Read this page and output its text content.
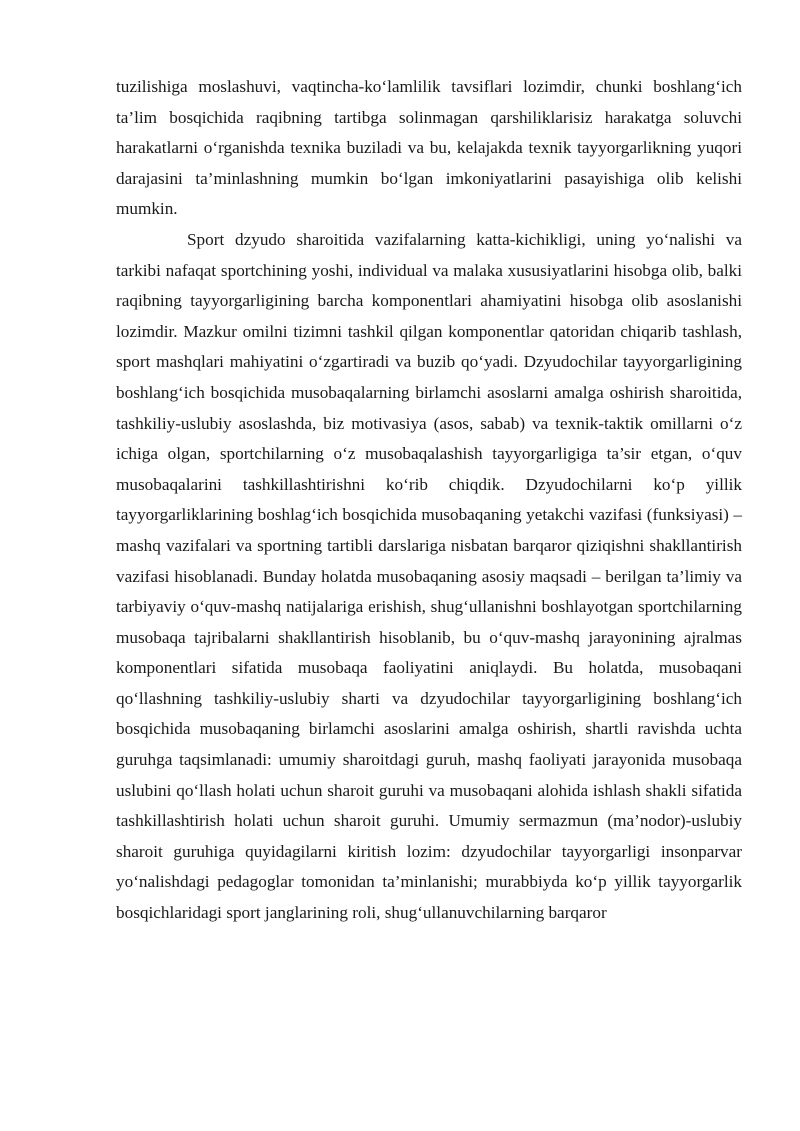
tuzilishiga moslashuvi, vaqtincha-ko‘lamlilik tavsiflari lozimdir, chunki boshlang‘ich ta’lim bosqichida raqibning tartibga solinmagan qarshiliklarisiz harakatga soluvchi harakatlarni o‘rganishda texnika buziladi va bu, kelajakda texnik tayyorgarlikning yuqori darajasini ta’minlashning mumkin bo‘lgan imkoniyatlarini pasayishiga olib kelishi mumkin.

Sport dzyudo sharoitida vazifalarning katta-kichikligi, uning yo‘nalishi va tarkibi nafaqat sportchining yoshi, individual va malaka xususiyatlarini hisobga olib, balki raqibning tayyorgarligining barcha komponentlari ahamiyatini hisobga olib asoslanishi lozimdir. Mazkur omilni tizimni tashkil qilgan komponentlar qatoridan chiqarib tashlash, sport mashqlari mahiyatini o‘zgartiradi va buzib qo‘yadi. Dzyudochilar tayyorgarligining boshlang‘ich bosqichida musobaqalarning birlamchi asoslarni amalga oshirish sharoitida, tashkiliy-uslubiy asoslashda, biz motivasiya (asos, sabab) va texnik-taktik omillarni o‘z ichiga olgan, sportchilarning o‘z musobaqalashish tayyorgarligiga ta’sir etgan, o‘quv musobaqalarini tashkillashtirishni ko‘rib chiqdik. Dzyudochilarni ko‘p yillik tayyorgarliklarining boshlag‘ich bosqichida musobaqaning yetakchi vazifasi (funksiyasi) – mashq vazifalari va sportning tartibli darslariga nisbatan barqaror qiziqishni shakllantirish vazifasi hisoblanadi. Bunday holatda musobaqaning asosiy maqsadi – berilgan ta’limiy va tarbiyaviy o‘quv-mashq natijalariga erishish, shug‘ullanishni boshlayotgan sportchilarning musobaqa tajribalarni shakllantirish hisoblanib, bu o‘quv-mashq jarayonining ajralmas komponentlari sifatida musobaqa faoliyatini aniqlaydi. Bu holatda, musobaqani qo‘llashning tashkiliy-uslubiy sharti va dzyudochilar tayyorgarligining boshlang‘ich bosqichida musobaqaning birlamchi asoslarini amalga oshirish, shartli ravishda uchta guruhga taqsimlanadi: umumiy sharoitdagi guruh, mashq faoliyati jarayonida musobaqa uslubini qo‘llash holati uchun sharoit guruhi va musobaqani alohida ishlash shakli sifatida tashkillashtirish holati uchun sharoit guruhi. Umumiy sermazmun (ma’nodor)-uslubiy sharoit guruhiga quyidagilarni kiritish lozim: dzyudochilar tayyorgarligi insonparvar yo‘nalishdagi pedagoglar tomonidan ta’minlanishi; murabbiyda ko‘p yillik tayyorgarlik bosqichlaridagi sport janglarining roli, shug‘ullanuvchilarning barqaror
